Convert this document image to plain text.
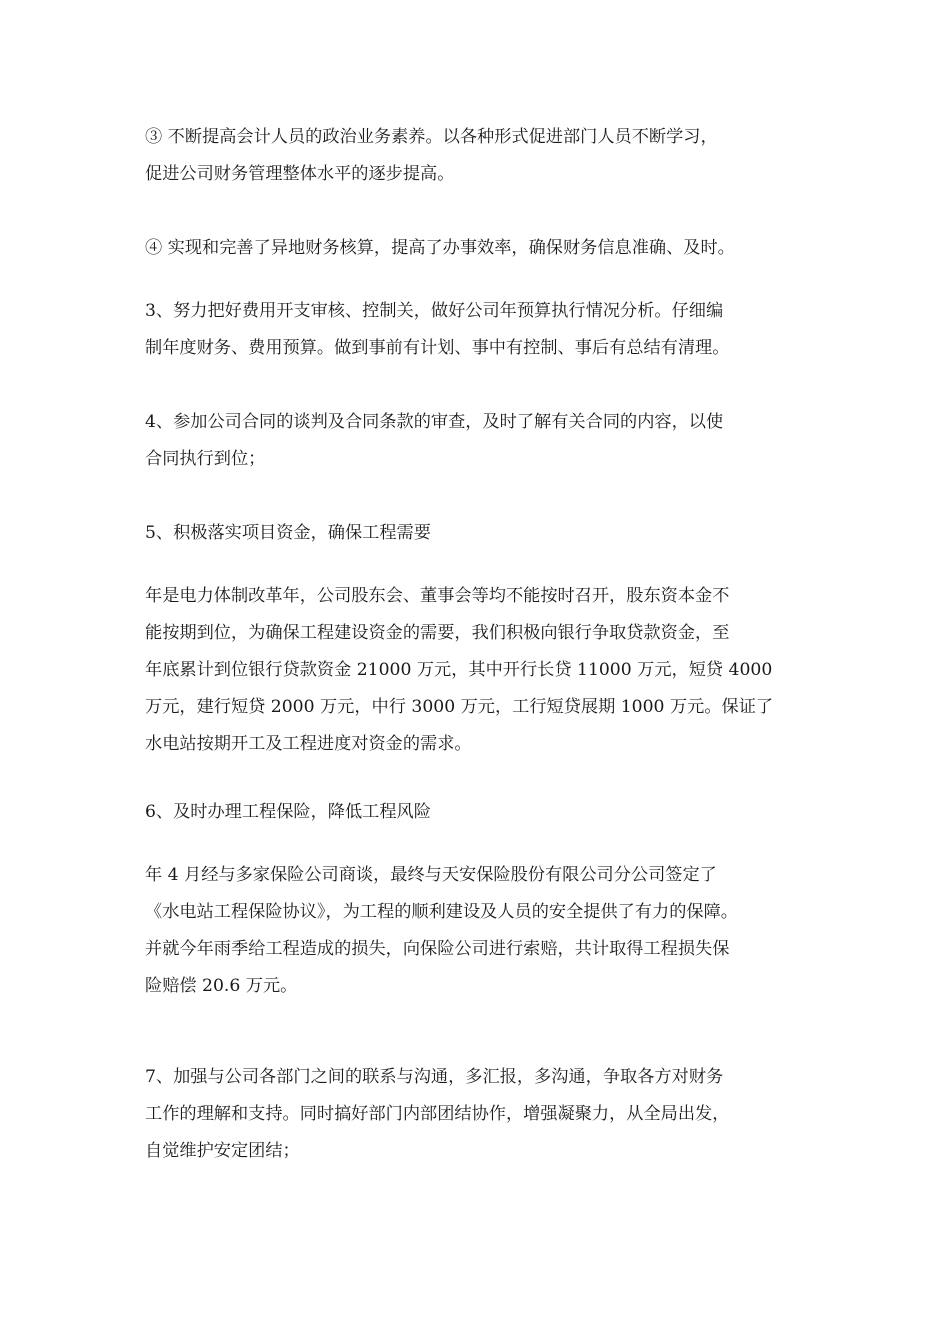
③ 不断提高会计人员的政治业务素养。以各种形式促进部门人员不断学习，
促进公司财务管理整体水平的逐步提高。

④ 实现和完善了异地财务核算，提高了办事效率，确保财务信息准确、及时。

3、努力把好费用开支审核、控制关，做好公司年预算执行情况分析。仔细编
制年度财务、费用预算。做到事前有计划、事中有控制、事后有总结有清理。

4、参加公司合同的谈判及合同条款的审查，及时了解有关合同的内容，以使
合同执行到位；

5、积极落实项目资金，确保工程需要

年是电力体制改革年，公司股东会、董事会等均不能按时召开，股东资本金不
能按期到位，为确保工程建设资金的需要，我们积极向银行争取贷款资金，至
年底累计到位银行贷款资金 21000 万元，其中开行长贷 11000 万元，短贷 4000
万元，建行短贷 2000 万元，中行 3000 万元，工行短贷展期 1000 万元。保证了
水电站按期开工及工程进度对资金的需求。

6、及时办理工程保险，降低工程风险

年 4 月经与多家保险公司商谈，最终与天安保险股份有限公司分公司签定了
《水电站工程保险协议》，为工程的顺利建设及人员的安全提供了有力的保障。
并就今年雨季给工程造成的损失，向保险公司进行索赔，共计取得工程损失保
险赔偿 20.6 万元。

7、加强与公司各部门之间的联系与沟通，多汇报，多沟通，争取各方对财务
工作的理解和支持。同时搞好部门内部团结协作，增强凝聚力，从全局出发，
自觉维护安定团结；
